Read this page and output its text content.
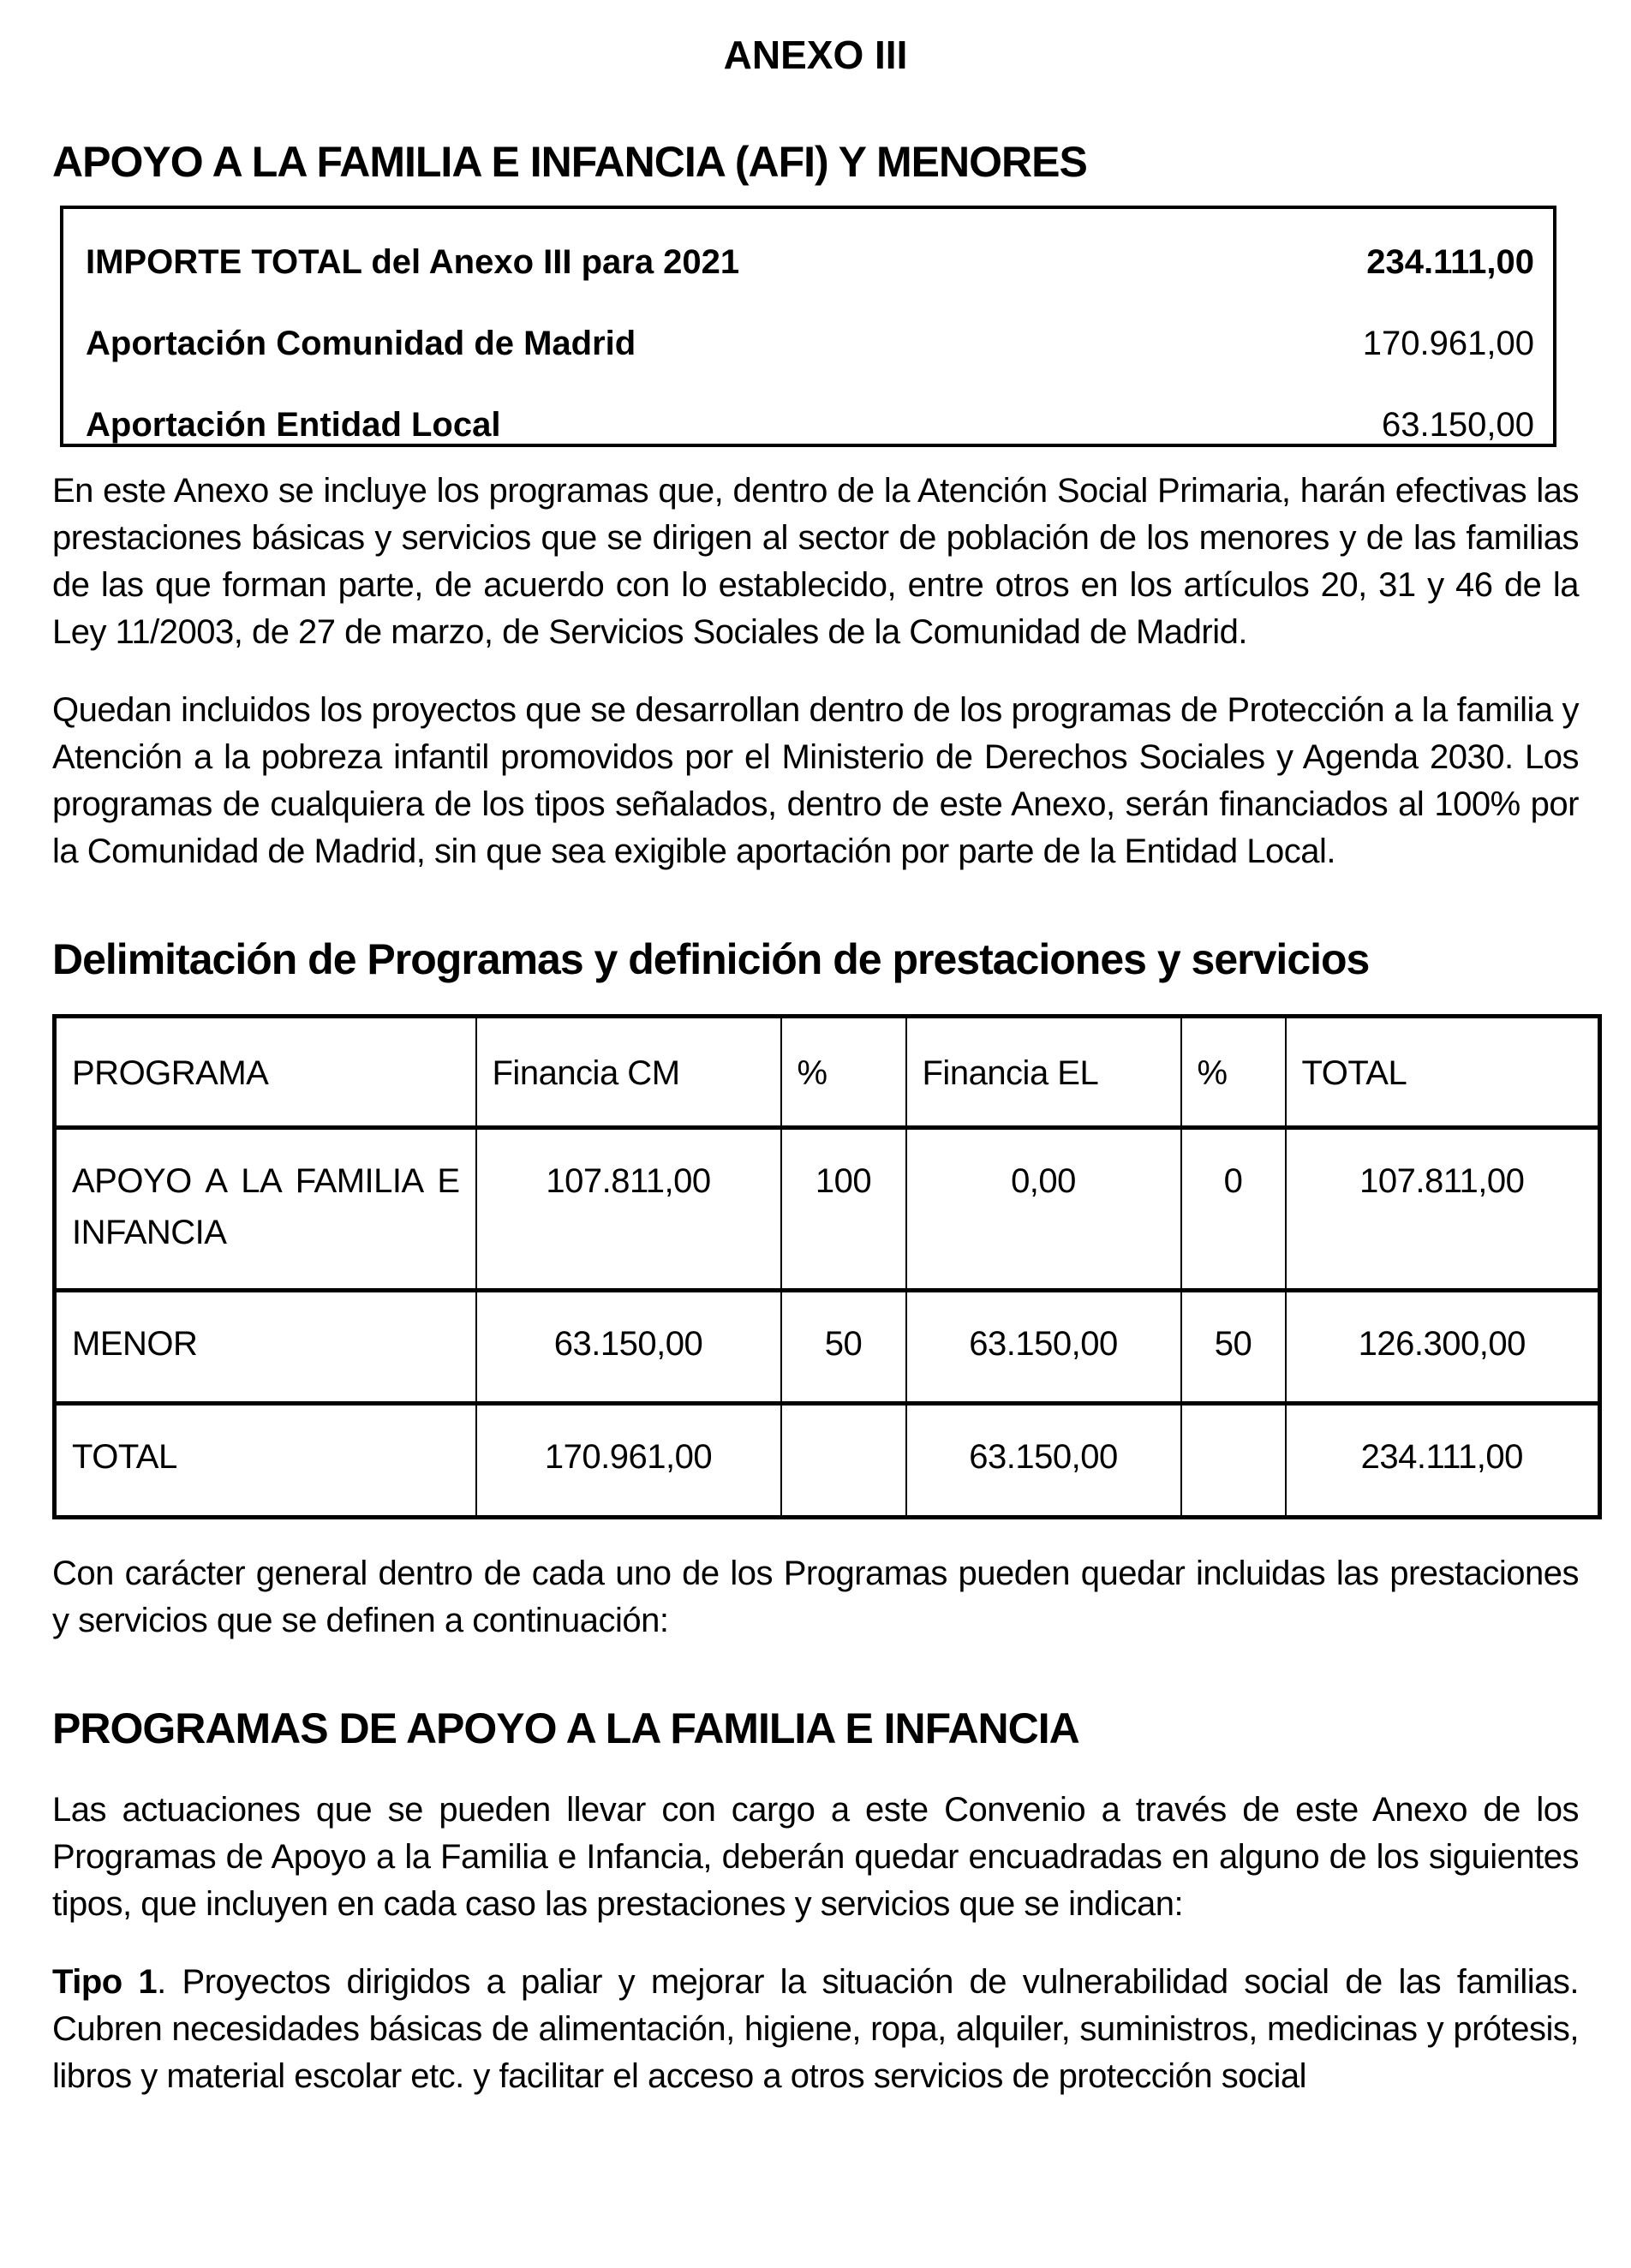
ANEXO III
APOYO A LA FAMILIA E INFANCIA (AFI) Y MENORES
IMPORTE TOTAL del Anexo III para 2021	234.111,00
Aportación Comunidad de Madrid	170.961,00
Aportación Entidad Local	63.150,00

En este Anexo se incluye los programas que, dentro de la Atención Social Primaria, harán efectivas las prestaciones básicas y servicios que se dirigen al sector de población de los menores y de las familias de las que forman parte, de acuerdo con lo establecido, entre otros en los artículos 20, 31 y 46 de la Ley 11/2003, de 27 de marzo, de Servicios Sociales de la Comunidad de Madrid.

Quedan incluidos los proyectos que se desarrollan dentro de los programas de Protección a la familia y Atención a la pobreza infantil promovidos por el Ministerio de Derechos Sociales y Agenda 2030. Los programas de cualquiera de los tipos señalados, dentro de este Anexo, serán financiados al 100% por la Comunidad de Madrid, sin que sea exigible aportación por parte de la Entidad Local.

Delimitación de Programas y definición de prestaciones y servicios
PROGRAMA	Financia CM	%	Financia EL	%	TOTAL
APOYO A LA FAMILIA E INFANCIA	107.811,00	100	0,00	0	107.811,00
MENOR	63.150,00	50	63.150,00	50	126.300,00
TOTAL	170.961,00		63.150,00		234.111,00

Con carácter general dentro de cada uno de los Programas pueden quedar incluidas las prestaciones y servicios que se definen a continuación:

PROGRAMAS DE APOYO A LA FAMILIA E INFANCIA

Las actuaciones que se pueden llevar con cargo a este Convenio a través de este Anexo de los Programas de Apoyo a la Familia e Infancia, deberán quedar encuadradas en alguno de los siguientes tipos, que incluyen en cada caso las prestaciones y servicios que se indican:

Tipo 1. Proyectos dirigidos a paliar y mejorar la situación de vulnerabilidad social de las familias. Cubren necesidades básicas de alimentación, higiene, ropa, alquiler, suministros, medicinas y prótesis, libros y material escolar etc. y facilitar el acceso a otros servicios de protección social
